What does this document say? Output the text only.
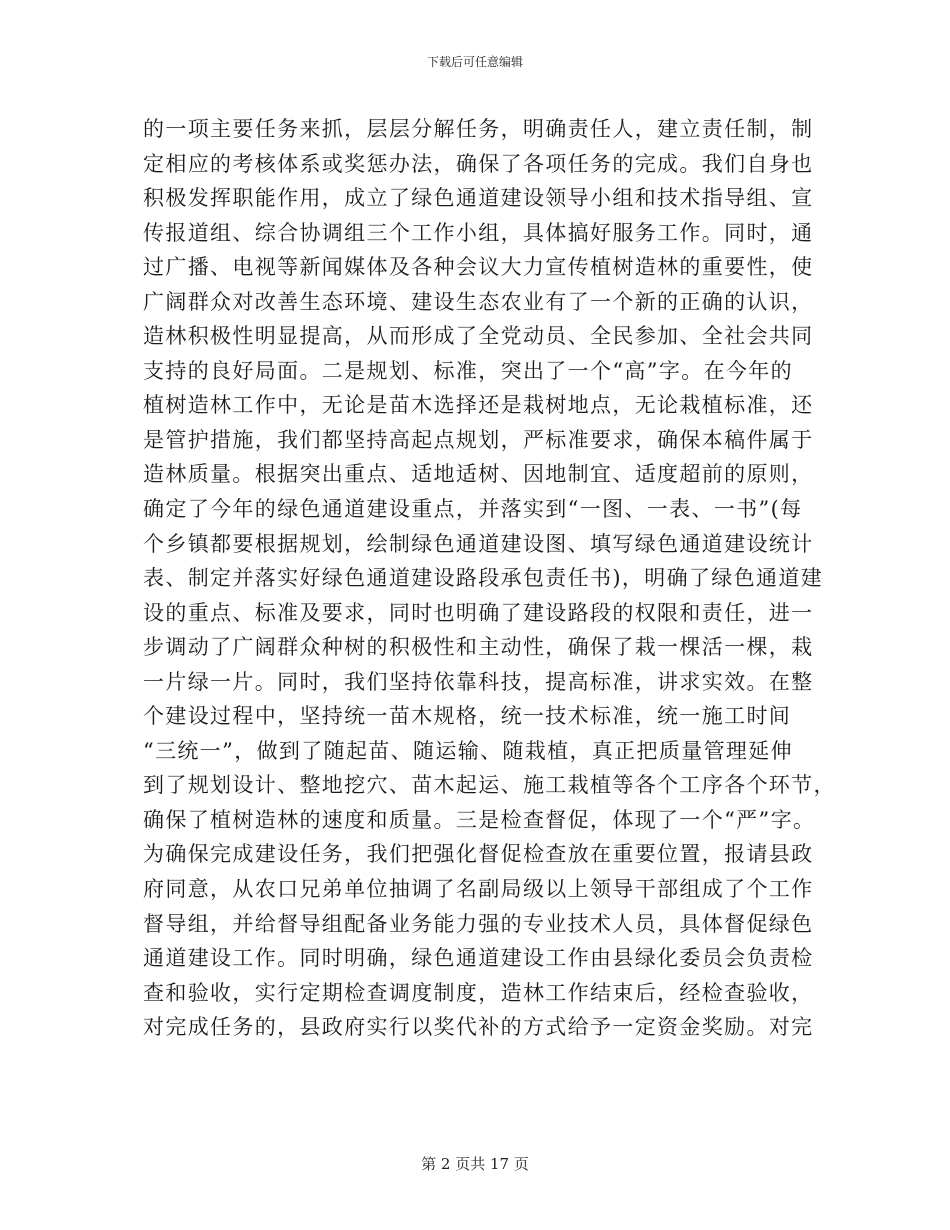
下载后可任意编辑
的一项主要任务来抓，层层分解任务，明确责任人，建立责任制，制
定相应的考核体系或奖惩办法，确保了各项任务的完成。我们自身也
积极发挥职能作用，成立了绿色通道建设领导小组和技术指导组、宣
传报道组、综合协调组三个工作小组，具体搞好服务工作。同时，通
过广播、电视等新闻媒体及各种会议大力宣传植树造林的重要性，使
广阔群众对改善生态环境、建设生态农业有了一个新的正确的认识，
造林积极性明显提高，从而形成了全党动员、全民参加、全社会共同
支持的良好局面。二是规划、标准，突出了一个“高”字。在今年的
植树造林工作中，无论是苗木选择还是栽树地点，无论栽植标准，还
是管护措施，我们都坚持高起点规划，严标准要求，确保本稿件属于
造林质量。根据突出重点、适地适树、因地制宜、适度超前的原则，
确定了今年的绿色通道建设重点，并落实到“一图、一表、一书”(每
个乡镇都要根据规划，绘制绿色通道建设图、填写绿色通道建设统计
表、制定并落实好绿色通道建设路段承包责任书)，明确了绿色通道建
设的重点、标准及要求，同时也明确了建设路段的权限和责任，进一
步调动了广阔群众种树的积极性和主动性，确保了栽一棵活一棵，栽
一片绿一片。同时，我们坚持依靠科技，提高标准，讲求实效。在整
个建设过程中，坚持统一苗木规格，统一技术标准，统一施工时间
“三统一”，做到了随起苗、随运输、随栽植，真正把质量管理延伸
到了规划设计、整地挖穴、苗木起运、施工栽植等各个工序各个环节，
确保了植树造林的速度和质量。三是检查督促，体现了一个“严”字。
为确保完成建设任务，我们把强化督促检查放在重要位置，报请县政
府同意，从农口兄弟单位抽调了名副局级以上领导干部组成了个工作
督导组，并给督导组配备业务能力强的专业技术人员，具体督促绿色
通道建设工作。同时明确，绿色通道建设工作由县绿化委员会负责检
查和验收，实行定期检查调度制度，造林工作结束后，经检查验收，
对完成任务的，县政府实行以奖代补的方式给予一定资金奖励。对完
第 2 页共 17 页
